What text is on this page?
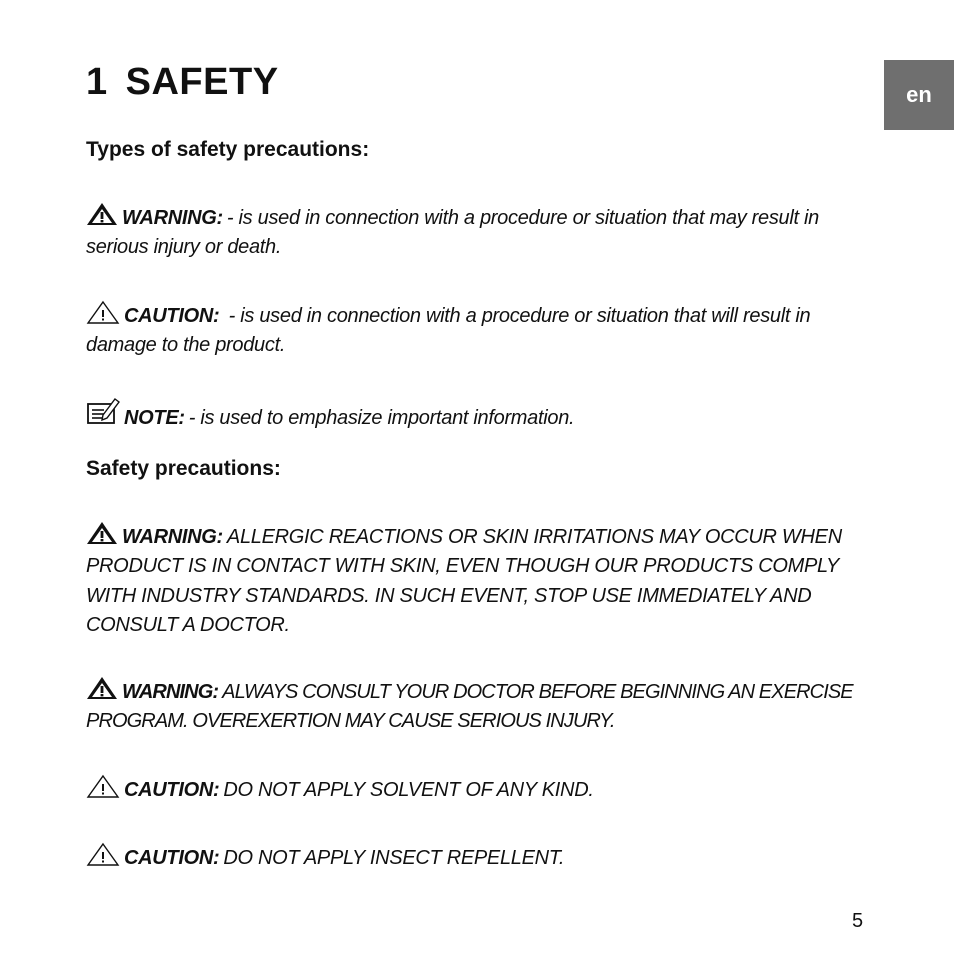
1 SAFETY	en
Types of safety precautions:

WARNING: - is used in connection with a procedure or situation that may result in serious injury or death.

CAUTION: - is used in connection with a procedure or situation that will result in damage to the product.

NOTE: - is used to emphasize important information.

Safety precautions:

WARNING: ALLERGIC REACTIONS OR SKIN IRRITATIONS MAY OCCUR WHEN PRODUCT IS IN CONTACT WITH SKIN, EVEN THOUGH OUR PRODUCTS COMPLY WITH INDUSTRY STANDARDS. IN SUCH EVENT, STOP USE IMMEDIATELY AND CONSULT A DOCTOR.

WARNING: ALWAYS CONSULT YOUR DOCTOR BEFORE BEGINNING AN EXERCISE PROGRAM. OVEREXERTION MAY CAUSE SERIOUS INJURY.

CAUTION: DO NOT APPLY SOLVENT OF ANY KIND.

CAUTION: DO NOT APPLY INSECT REPELLENT.

5
